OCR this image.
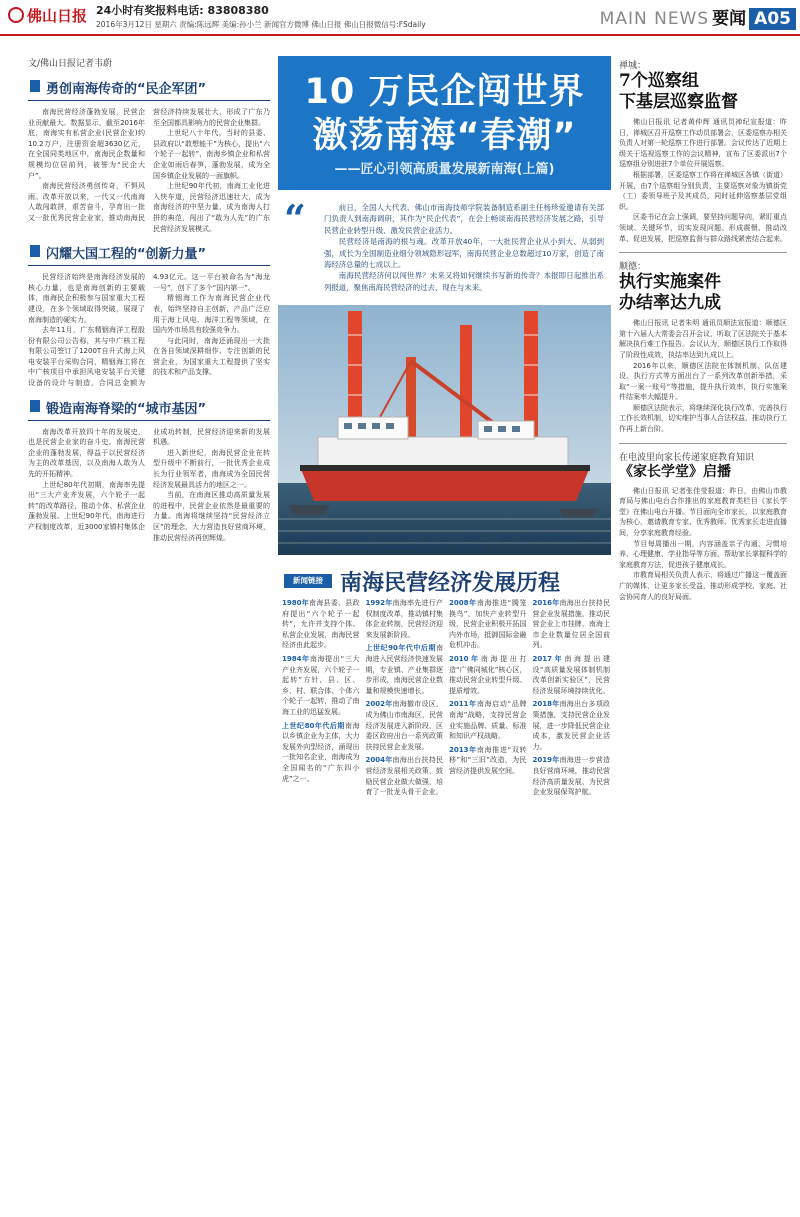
佛山日报 24小时有奖报料电话: 83808380
2016年3月12日 星期六 责编:陈远辉 美编:孙小兰 新闻官方微博 佛山日报 佛山日报微信号:FSdaily	MAIN NEWS 要闻 A05
文/佛山日报记者韦蔚
勇创南海传奇的“民企军团”

南海民营经济蓬勃发展，民营企业贡献最大。数据显示，截至2016年底，南海实有私营企业(民营企业)约10.2万户，注册资金超3630亿元，在全国同类地区中，南海民企数量和规模均位居前列，被誉为“民企大户”。

南海民营经济勇创传奇，不惧风雨。改革开放以来，一代又一代南海人敢闯敢拼，艰苦奋斗，孕育出一批又一批优秀民营企业家，推动南海民营经济持续发展壮大，形成了广东乃至全国都具影响力的民营企业集群。

上世纪八十年代，当时的县委、县政府以“敢想能干”为核心，提出“六个轮子一起转”，南海乡镇企业和私营企业如雨后春笋，蓬勃发展，成为全国乡镇企业发展的一面旗帜。

上世纪90年代初，南海工业化进入快车道，民营经济迅速壮大，成为南海经济的中坚力量，成为南海人打拼的典范，闯出了“敢为人先”的广东民营经济发展模式。

闪耀大国工程的“创新力量”

民营经济始终是南海经济发展的核心力量，也是南海创新的主要载体，南海民企积极参与国家重大工程建设，在多个领域取得突破，展现了南海制造的硬实力。

去年11月，广东精铟海洋工程股份有限公司公告称，其与中广核工程有限公司签订了1200T自升式海上风电安装平台采购合同，精铟海工将在中广核项目中承担风电安装平台关键设备的设计与制造，合同总金额为4.93亿元。这一平台被命名为“海龙一号”，创下了多个“国内第一”。

精铟海工作为南海民营企业代表，始终坚持自主创新，产品广泛应用于海上风电、海洋工程等领域，在国内外市场具有较强竞争力。

与此同时，南海还涌现出一大批在各自领域深耕细作、专注创新的民营企业，为国家重大工程提供了坚实的技术和产品支撑。

锻造南海脊梁的“城市基因”

南海改革开放四十年的发展史，也是民营企业家的奋斗史。南海民营企业的蓬勃发展，得益于以民营经济为主的改革基因，以及南海人敢为人先的开拓精神。

上世纪80年代初期，南海率先提出“三大产业齐发展，六个轮子一起转”的改革路径，推动个体、私营企业蓬勃发展。上世纪90年代，南海进行产权制度改革，近3000家镇村集体企业成功转制，民营经济迎来新的发展机遇。

进入新世纪，南海民营企业在转型升级中不断前行，一批优秀企业成长为行业领军者，南海成为全国民营经济发展最具活力的地区之一。

当前，在南海区推动高质量发展的进程中，民营企业依然是最重要的力量。南海将继续坚持“民营经济立区”的理念，大力营造良好营商环境，推动民营经济再创辉煌。

10 万民企闯世界
激荡南海“春潮”
——匠心引领高质量发展新南海(上篇)
“	前日，全国人大代表、佛山市南海技师学院装备制造系副主任杨珍爱邀请有关部门负责人到南海调研，其作为“民企代表”，在会上畅谈南海民营经济发展之路，引导民营企业转型升级、激发民营企业活力。

民营经济是南海的根与魂。改革开放40年，一大批民营企业从小到大、从弱到强，成长为全国制造业细分领域隐形冠军，南海民营企业总数超过10万家，创造了南海经济总量的七成以上。

南海民营经济何以闯世界？未来又将如何继续书写新的传奇？本报即日起推出系列报道，聚焦南海民营经济的过去、现在与未来。

南海民企精铟海工建造的海上风电安装平台，创下多个“国内第一”，填补了我国海洋装备领域的多项空白。图为该公司产品KOE-01在2018年6月出海试航。/企业供图
新闻链接 南海民营经济发展历程

1980年南海县委、县政府提出“六个轮子一起转”，允许并支持个体、私营企业发展，南海民营经济由此起步。

1984年南海提出“三大产业齐发展，六个轮子一起转”方针，县、区、乡、村、联合体、个体六个轮子一起转，推动了南海工业的迅猛发展。

上世纪80年代后期南海以乡镇企业为主体，大力发展外向型经济，涌现出一批知名企业，南海成为全国闻名的“广东四小虎”之一。

1992年南海率先进行产权制度改革，推动镇村集体企业转制，民营经济迎来发展新阶段。

上世纪90年代中后期南海进入民营经济快速发展期，专业镇、产业集群逐步形成，南海民营企业数量和规模快速增长。

2002年南海撤市设区，成为佛山市南海区，民营经济发展进入新阶段，区委区政府出台一系列政策扶持民营企业发展。

2004年南海出台扶持民营经济发展相关政策，鼓励民营企业做大做强，培育了一批龙头骨干企业。

2008年南海推进“腾笼换鸟”，加快产业转型升级，民营企业积极开拓国内外市场，抵御国际金融危机冲击。

2010年南海提出打造“广佛同城化”核心区，推动民营企业转型升级、提质增效。

2011年南海启动“品牌南海”战略，支持民营企业实施品牌、质量、标准和知识产权战略。

2013年南海推进“双转移”和“三旧”改造，为民营经济提供发展空间。

2016年南海出台扶持民营企业发展措施，推动民营企业上市挂牌，南海上市企业数量位居全国前列。

2017年南海提出建设“高质量发展体制机制改革创新实验区”，民营经济发展环境持续优化。

2018年南海出台多项政策措施，支持民营企业发展，进一步降低民营企业成本，激发民营企业活力。

2019年南海进一步营造良好营商环境，推动民营经济高质量发展，为民营企业发展保驾护航。

禅城：
7个巡察组
下基层巡察监督

佛山日报讯 记者黄仲辉 通讯员禅纪宣报道：昨日，禅城区召开巡察工作动员部署会，区委巡察办相关负责人对第一轮巡察工作进行部署。会议传达了近期上级关于巡视巡察工作的会议精神，宣布了区委派出7个巡察组分别进驻7个单位开展巡察。

根据部署，区委巡察工作将在禅城区各镇（街道）开展，由7个巡察组分别负责，主要巡察对象为镇街党（工）委领导班子及其成员，同时延伸巡察基层党组织。

区委书记在会上强调，要坚持问题导向，紧盯重点领域、关键环节，切实发现问题、形成震慑、推动改革、促进发展，把巡察监督与群众路线紧密结合起来。

顺德：
执行实施案件
办结率达九成

佛山日报讯 记者朱明 通讯员顺法宣报道：顺德区第十六届人大常委会召开会议，听取了区法院关于基本解决执行难工作报告。会议认为，顺德区执行工作取得了阶段性成效，执结率达到九成以上。

2016年以来，顺德区法院在体制机制、队伍建设、执行方式等方面出台了一系列改革创新举措，采取“一案一账号“等措施，提升执行效率，执行实施案件结案率大幅提升。

顺德区法院表示，将继续深化执行改革，完善执行工作长效机制，切实维护当事人合法权益，推动执行工作再上新台阶。

在电波里向家长传递家庭教育知识
《家长学堂》启播

佛山日报讯 记者张佳莹报道：昨日，由佛山市教育局与佛山电台合作推出的家庭教育类栏目《家长学堂》在佛山电台开播。节目面向全市家长，以家庭教育为核心，邀请教育专家、优秀教师、优秀家长走进直播间，分享家庭教育经验。

节目每周播出一期，内容涵盖亲子沟通、习惯培养、心理健康、学业指导等方面，帮助家长掌握科学的家庭教育方法，促进孩子健康成长。

市教育局相关负责人表示，将通过广播这一覆盖面广的媒体，让更多家长受益，推动形成学校、家庭、社会协同育人的良好局面。
